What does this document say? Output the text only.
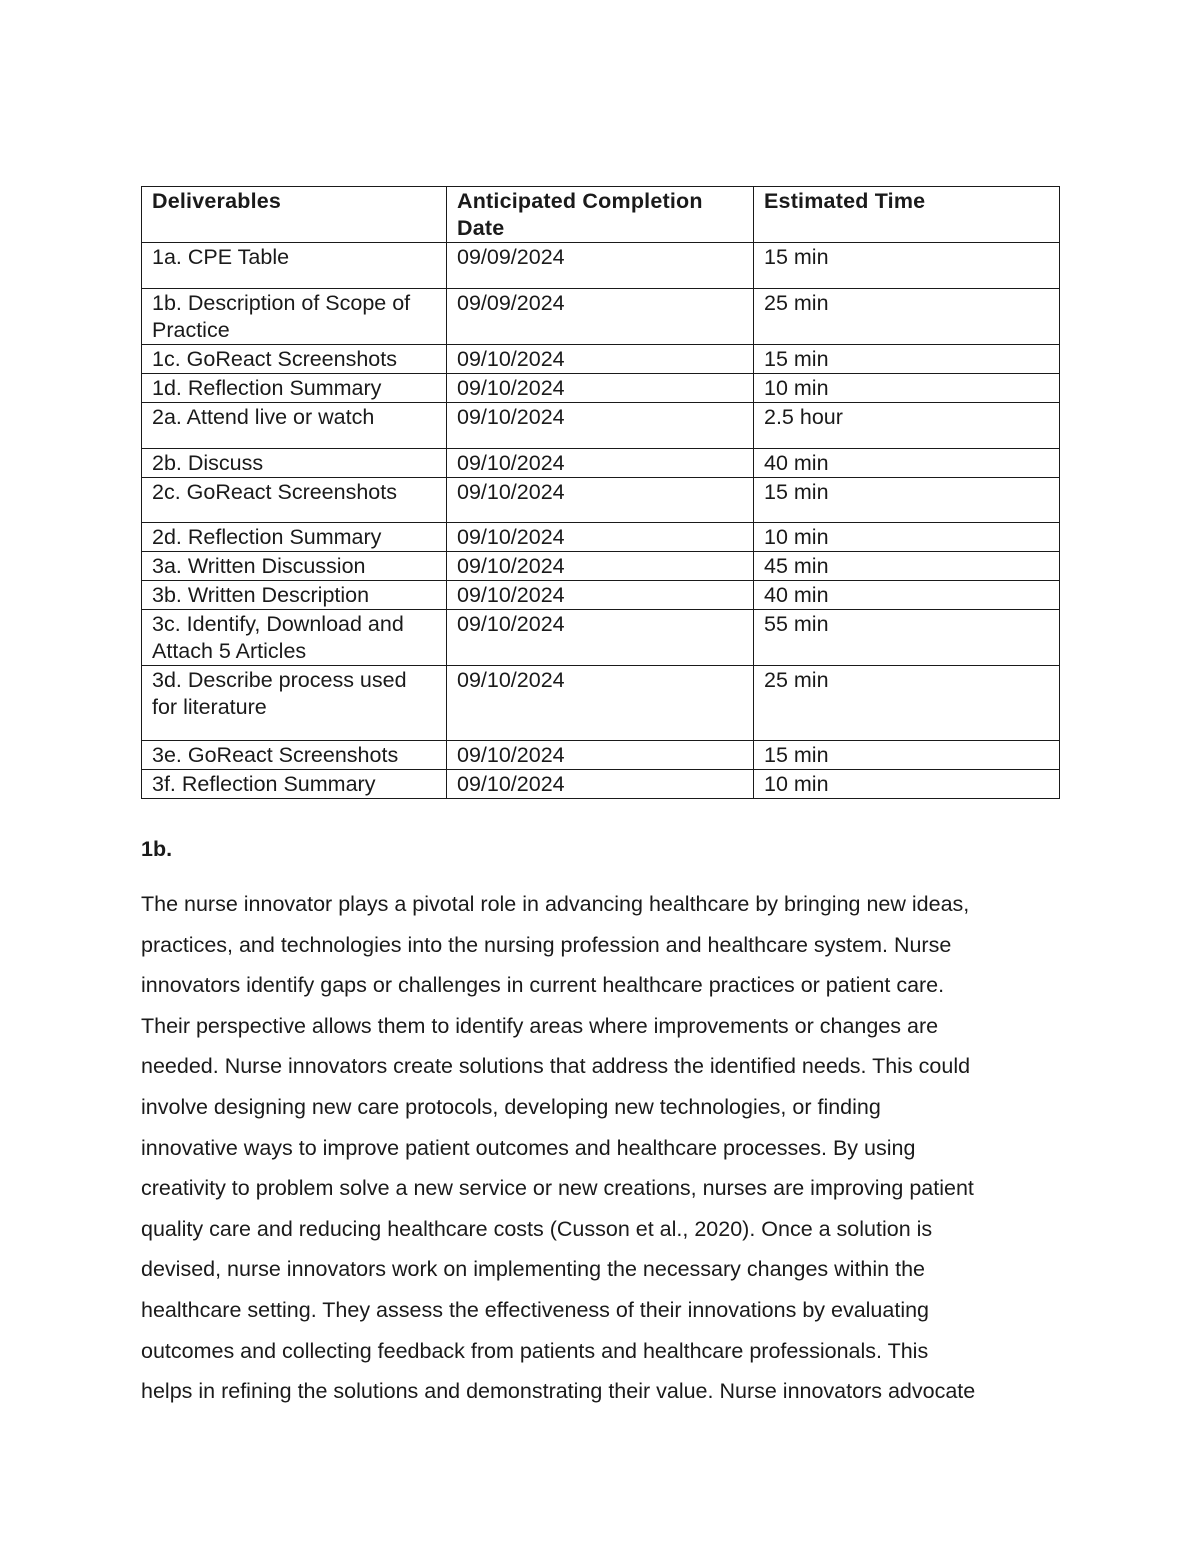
Deliverables	Anticipated Completion Date	Estimated Time
1a. CPE Table	09/09/2024	15 min
1b. Description of Scope of Practice	09/09/2024	25 min
1c. GoReact Screenshots	09/10/2024	15 min
1d. Reflection Summary	09/10/2024	10 min
2a. Attend live or watch	09/10/2024	2.5 hour
2b. Discuss	09/10/2024	40 min
2c. GoReact Screenshots	09/10/2024	15 min
2d. Reflection Summary	09/10/2024	10 min
3a. Written Discussion	09/10/2024	45 min
3b. Written Description	09/10/2024	40 min
3c. Identify, Download and Attach 5 Articles	09/10/2024	55 min
3d. Describe process used for literature	09/10/2024	25 min
3e. GoReact Screenshots	09/10/2024	15 min
3f. Reflection Summary	09/10/2024	10 min
1b.

The nurse innovator plays a pivotal role in advancing healthcare by bringing new ideas,
practices, and technologies into the nursing profession and healthcare system. Nurse
innovators identify gaps or challenges in current healthcare practices or patient care.
Their perspective allows them to identify areas where improvements or changes are
needed. Nurse innovators create solutions that address the identified needs. This could
involve designing new care protocols, developing new technologies, or finding
innovative ways to improve patient outcomes and healthcare processes. By using
creativity to problem solve a new service or new creations, nurses are improving patient
quality care and reducing healthcare costs (Cusson et al., 2020). Once a solution is
devised, nurse innovators work on implementing the necessary changes within the
healthcare setting. They assess the effectiveness of their innovations by evaluating
outcomes and collecting feedback from patients and healthcare professionals. This
helps in refining the solutions and demonstrating their value. Nurse innovators advocate
